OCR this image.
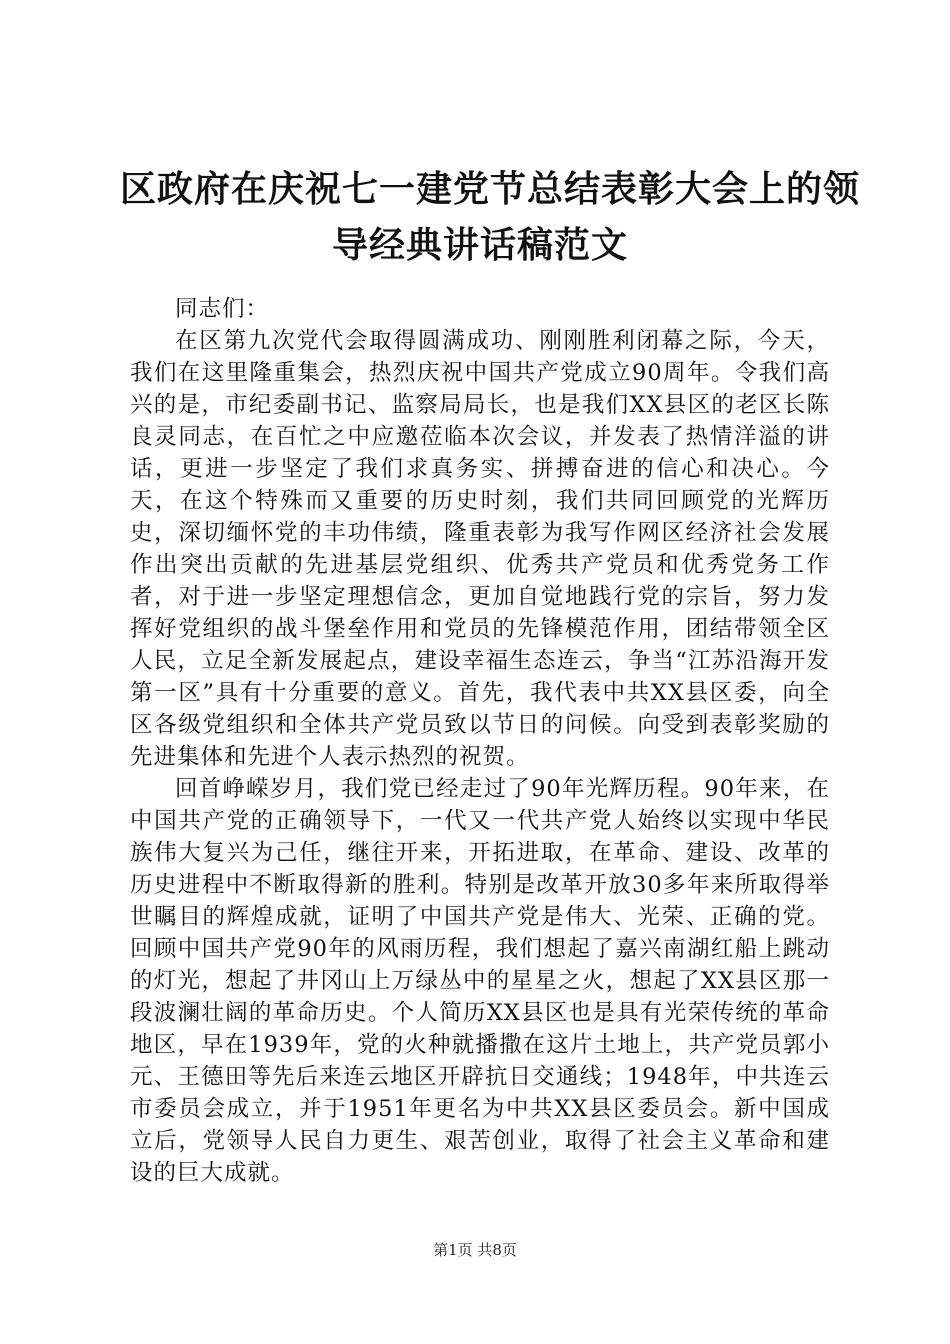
区政府在庆祝七一建党节总结表彰大会上的领
导经典讲话稿范文

同志们：

在区第九次党代会取得圆满成功、刚刚胜利闭幕之际，今天，我们在这里隆重集会，热烈庆祝中国共产党成立90周年。令我们高兴的是，市纪委副书记、监察局局长，也是我们XX县区的老区长陈良灵同志，在百忙之中应邀莅临本次会议，并发表了热情洋溢的讲话，更进一步坚定了我们求真务实、拼搏奋进的信心和决心。今天，在这个特殊而又重要的历史时刻，我们共同回顾党的光辉历史，深切缅怀党的丰功伟绩，隆重表彰为我写作网区经济社会发展作出突出贡献的先进基层党组织、优秀共产党员和优秀党务工作者，对于进一步坚定理想信念，更加自觉地践行党的宗旨，努力发挥好党组织的战斗堡垒作用和党员的先锋模范作用，团结带领全区人民，立足全新发展起点，建设幸福生态连云，争当“江苏沿海开发第一区”具有十分重要的意义。首先，我代表中共XX县区委，向全区各级党组织和全体共产党员致以节日的问候。向受到表彰奖励的先进集体和先进个人表示热烈的祝贺。

回首峥嵘岁月，我们党已经走过了90年光辉历程。90年来，在中国共产党的正确领导下，一代又一代共产党人始终以实现中华民族伟大复兴为己任，继往开来，开拓进取，在革命、建设、改革的历史进程中不断取得新的胜利。特别是改革开放30多年来所取得举世瞩目的辉煌成就，证明了中国共产党是伟大、光荣、正确的党。回顾中国共产党90年的风雨历程，我们想起了嘉兴南湖红船上跳动的灯光，想起了井冈山上万绿丛中的星星之火，想起了XX县区那一段波澜壮阔的革命历史。个人简历XX县区也是具有光荣传统的革命地区，早在1939年，党的火种就播撒在这片土地上，共产党员郭小元、王德田等先后来连云地区开辟抗日交通线；1948年，中共连云市委员会成立，并于1951年更名为中共XX县区委员会。新中国成立后，党领导人民自力更生、艰苦创业，取得了社会主义革命和建设的巨大成就。

第1页 共8页
